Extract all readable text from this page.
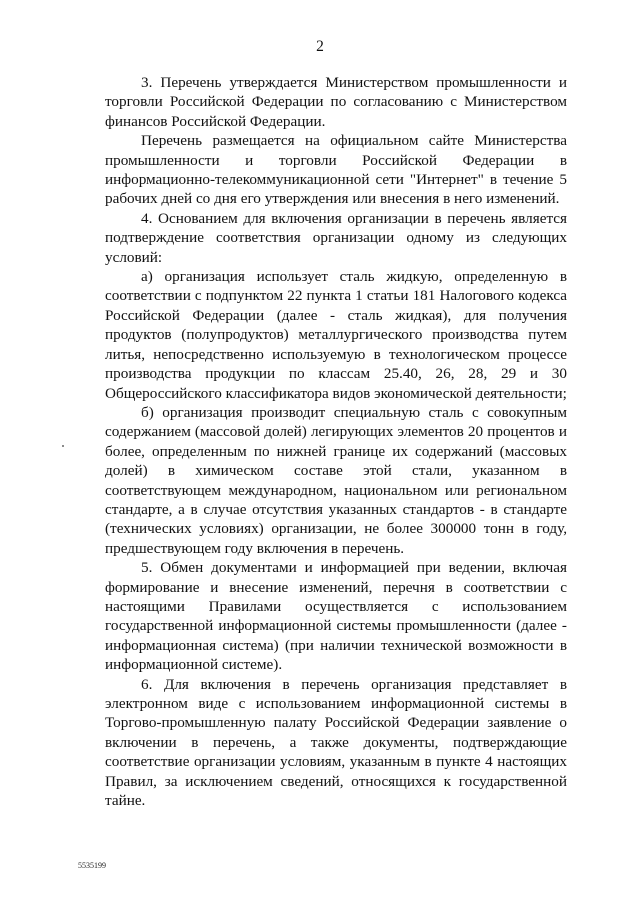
2

3. Перечень утверждается Министерством промышленности и торговли Российской Федерации по согласованию с Министерством финансов Российской Федерации.

Перечень размещается на официальном сайте Министерства промышленности и торговли Российской Федерации в информационно-телекоммуникационной сети "Интернет" в течение 5 рабочих дней со дня его утверждения или внесения в него изменений.

4. Основанием для включения организации в перечень является подтверждение соответствия организации одному из следующих условий:

а) организация использует сталь жидкую, определенную в соответствии с подпунктом 22 пункта 1 статьи 181 Налогового кодекса Российской Федерации (далее - сталь жидкая), для получения продуктов (полупродуктов) металлургического производства путем литья, непосредственно используемую в технологическом процессе производства продукции по классам 25.40, 26, 28, 29 и 30 Общероссийского классификатора видов экономической деятельности;

б) организация производит специальную сталь с совокупным содержанием (массовой долей) легирующих элементов 20 процентов и более, определенным по нижней границе их содержаний (массовых долей) в химическом составе этой стали, указанном в соответствующем международном, национальном или региональном стандарте, а в случае отсутствия указанных стандартов - в стандарте (технических условиях) организации, не более 300000 тонн в году, предшествующем году включения в перечень.

5. Обмен документами и информацией при ведении, включая формирование и внесение изменений, перечня в соответствии с настоящими Правилами осуществляется с использованием государственной информационной системы промышленности (далее - информационная система) (при наличии технической возможности в информационной системе).

6. Для включения в перечень организация представляет в электронном виде с использованием информационной системы в Торгово-промышленную палату Российской Федерации заявление о включении в перечень, а также документы, подтверждающие соответствие организации условиям, указанным в пункте 4 настоящих Правил, за исключением сведений, относящихся к государственной тайне.

5535199
